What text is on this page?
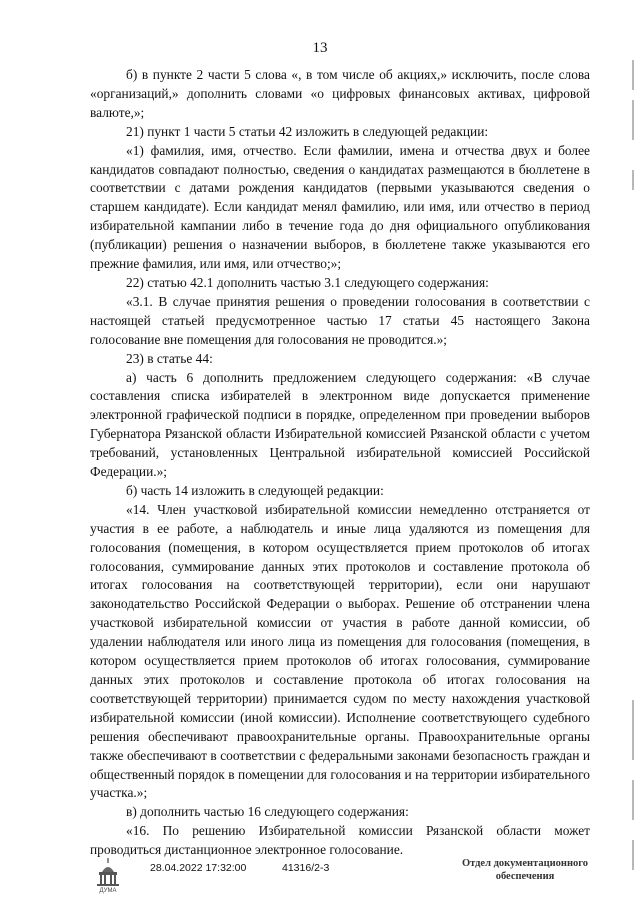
13

б) в пункте 2 части 5 слова «, в том числе об акциях,» исключить, после слова «организаций,» дополнить словами «о цифровых финансовых активах, цифровой валюте,»;

21) пункт 1 части 5 статьи 42 изложить в следующей редакции:

«1) фамилия, имя, отчество. Если фамилии, имена и отчества двух и более кандидатов совпадают полностью, сведения о кандидатах размещаются в бюллетене в соответствии с датами рождения кандидатов (первыми указываются сведения о старшем кандидате). Если кандидат менял фамилию, или имя, или отчество в период избирательной кампании либо в течение года до дня официального опубликования (публикации) решения о назначении выборов, в бюллетене также указываются его прежние фамилия, или имя, или отчество;»;

22) статью 42.1 дополнить частью 3.1 следующего содержания:

«3.1. В случае принятия решения о проведении голосования в соответствии с настоящей статьей предусмотренное частью 17 статьи 45 настоящего Закона голосование вне помещения для голосования не проводится.»;

23) в статье 44:

а) часть 6 дополнить предложением следующего содержания: «В случае составления списка избирателей в электронном виде допускается применение электронной графической подписи в порядке, определенном при проведении выборов Губернатора Рязанской области Избирательной комиссией Рязанской области с учетом требований, установленных Центральной избирательной комиссией Российской Федерации.»;

б) часть 14 изложить в следующей редакции:

«14. Член участковой избирательной комиссии немедленно отстраняется от участия в ее работе, а наблюдатель и иные лица удаляются из помещения для голосования (помещения, в котором осуществляется прием протоколов об итогах голосования, суммирование данных этих протоколов и составление протокола об итогах голосования на соответствующей территории), если они нарушают законодательство Российской Федерации о выборах. Решение об отстранении члена участковой избирательной комиссии от участия в работе данной комиссии, об удалении наблюдателя или иного лица из помещения для голосования (помещения, в котором осуществляется прием протоколов об итогах голосования, суммирование данных этих протоколов и составление протокола об итогах голосования на соответствующей территории) принимается судом по месту нахождения участковой избирательной комиссии (иной комиссии). Исполнение соответствующего судебного решения обеспечивают правоохранительные органы. Правоохранительные органы также обеспечивают в соответствии с федеральными законами безопасность граждан и общественный порядок в помещении для голосования и на территории избирательного участка.»;

в) дополнить частью 16 следующего содержания:

«16. По решению Избирательной комиссии Рязанской области может проводиться дистанционное электронное голосование.

ДУМА
28.04.2022 17:32:00	41316/2-3	Отдел документационного обеспечения
